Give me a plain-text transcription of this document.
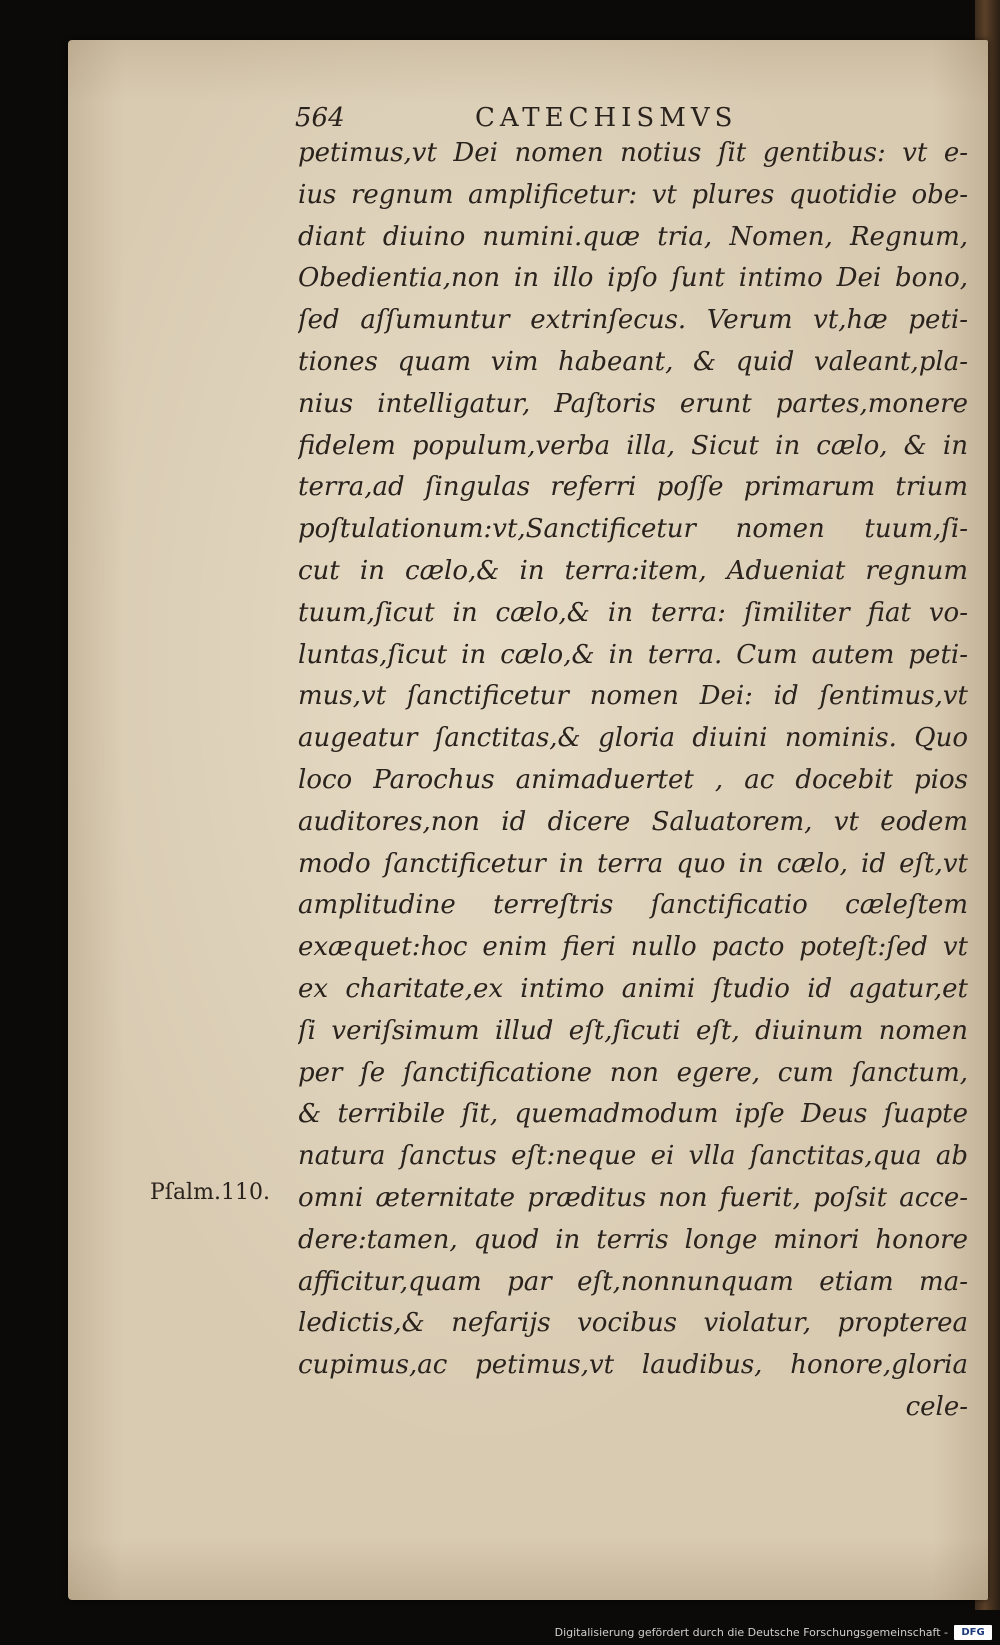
564	CATECHISMVS
petimus,vt Dei nomen notius ſit gentibus: vt e-
ius regnum amplificetur: vt plures quotidie obe-
diant diuino numini.quæ tria, Nomen, Regnum,
Obedientia,non in illo ipſo ſunt intimo Dei bono,
ſed aſſumuntur extrinſecus. Verum vt,hæ peti-
tiones quam vim habeant, & quid valeant,pla-
nius intelligatur, Paſtoris erunt partes,monere
fidelem populum,verba illa, Sicut in cælo, & in
terra,ad ſingulas referri poſſe primarum trium
poſtulationum:vt,Sanctificetur nomen tuum,ſi-
cut in cælo,& in terra:item, Adueniat regnum
tuum,ſicut in cælo,& in terra: ſimiliter fiat vo-
luntas,ſicut in cælo,& in terra. Cum autem peti-
mus,vt ſanctificetur nomen Dei: id ſentimus,vt
augeatur ſanctitas,& gloria diuini nominis. Quo
loco Parochus animaduertet , ac docebit pios
auditores,non id dicere Saluatorem, vt eodem
modo ſanctificetur in terra quo in cælo, id eſt,vt
amplitudine terreſtris ſanctificatio cæleſtem
exæquet:hoc enim fieri nullo pacto poteſt:ſed vt
ex charitate,ex intimo animi ſtudio id agatur,et
ſi veriſsimum illud eſt,ſicuti eſt, diuinum nomen
per ſe ſanctificatione non egere, cum ſanctum,
& terribile ſit, quemadmodum ipſe Deus ſuapte
natura ſanctus eſt:neque ei vlla ſanctitas,qua ab
omni æternitate præditus non fuerit, poſsit acce-
dere:tamen, quod in terris longe minori honore
afficitur,quam par eſt,nonnunquam etiam ma-
ledictis,& nefarijs vocibus violatur, propterea
cupimus,ac petimus,vt laudibus, honore,gloria
cele-
Pſalm.110.
Digitalisierung gefördert durch die Deutsche Forschungsgemeinschaft -	DFG
